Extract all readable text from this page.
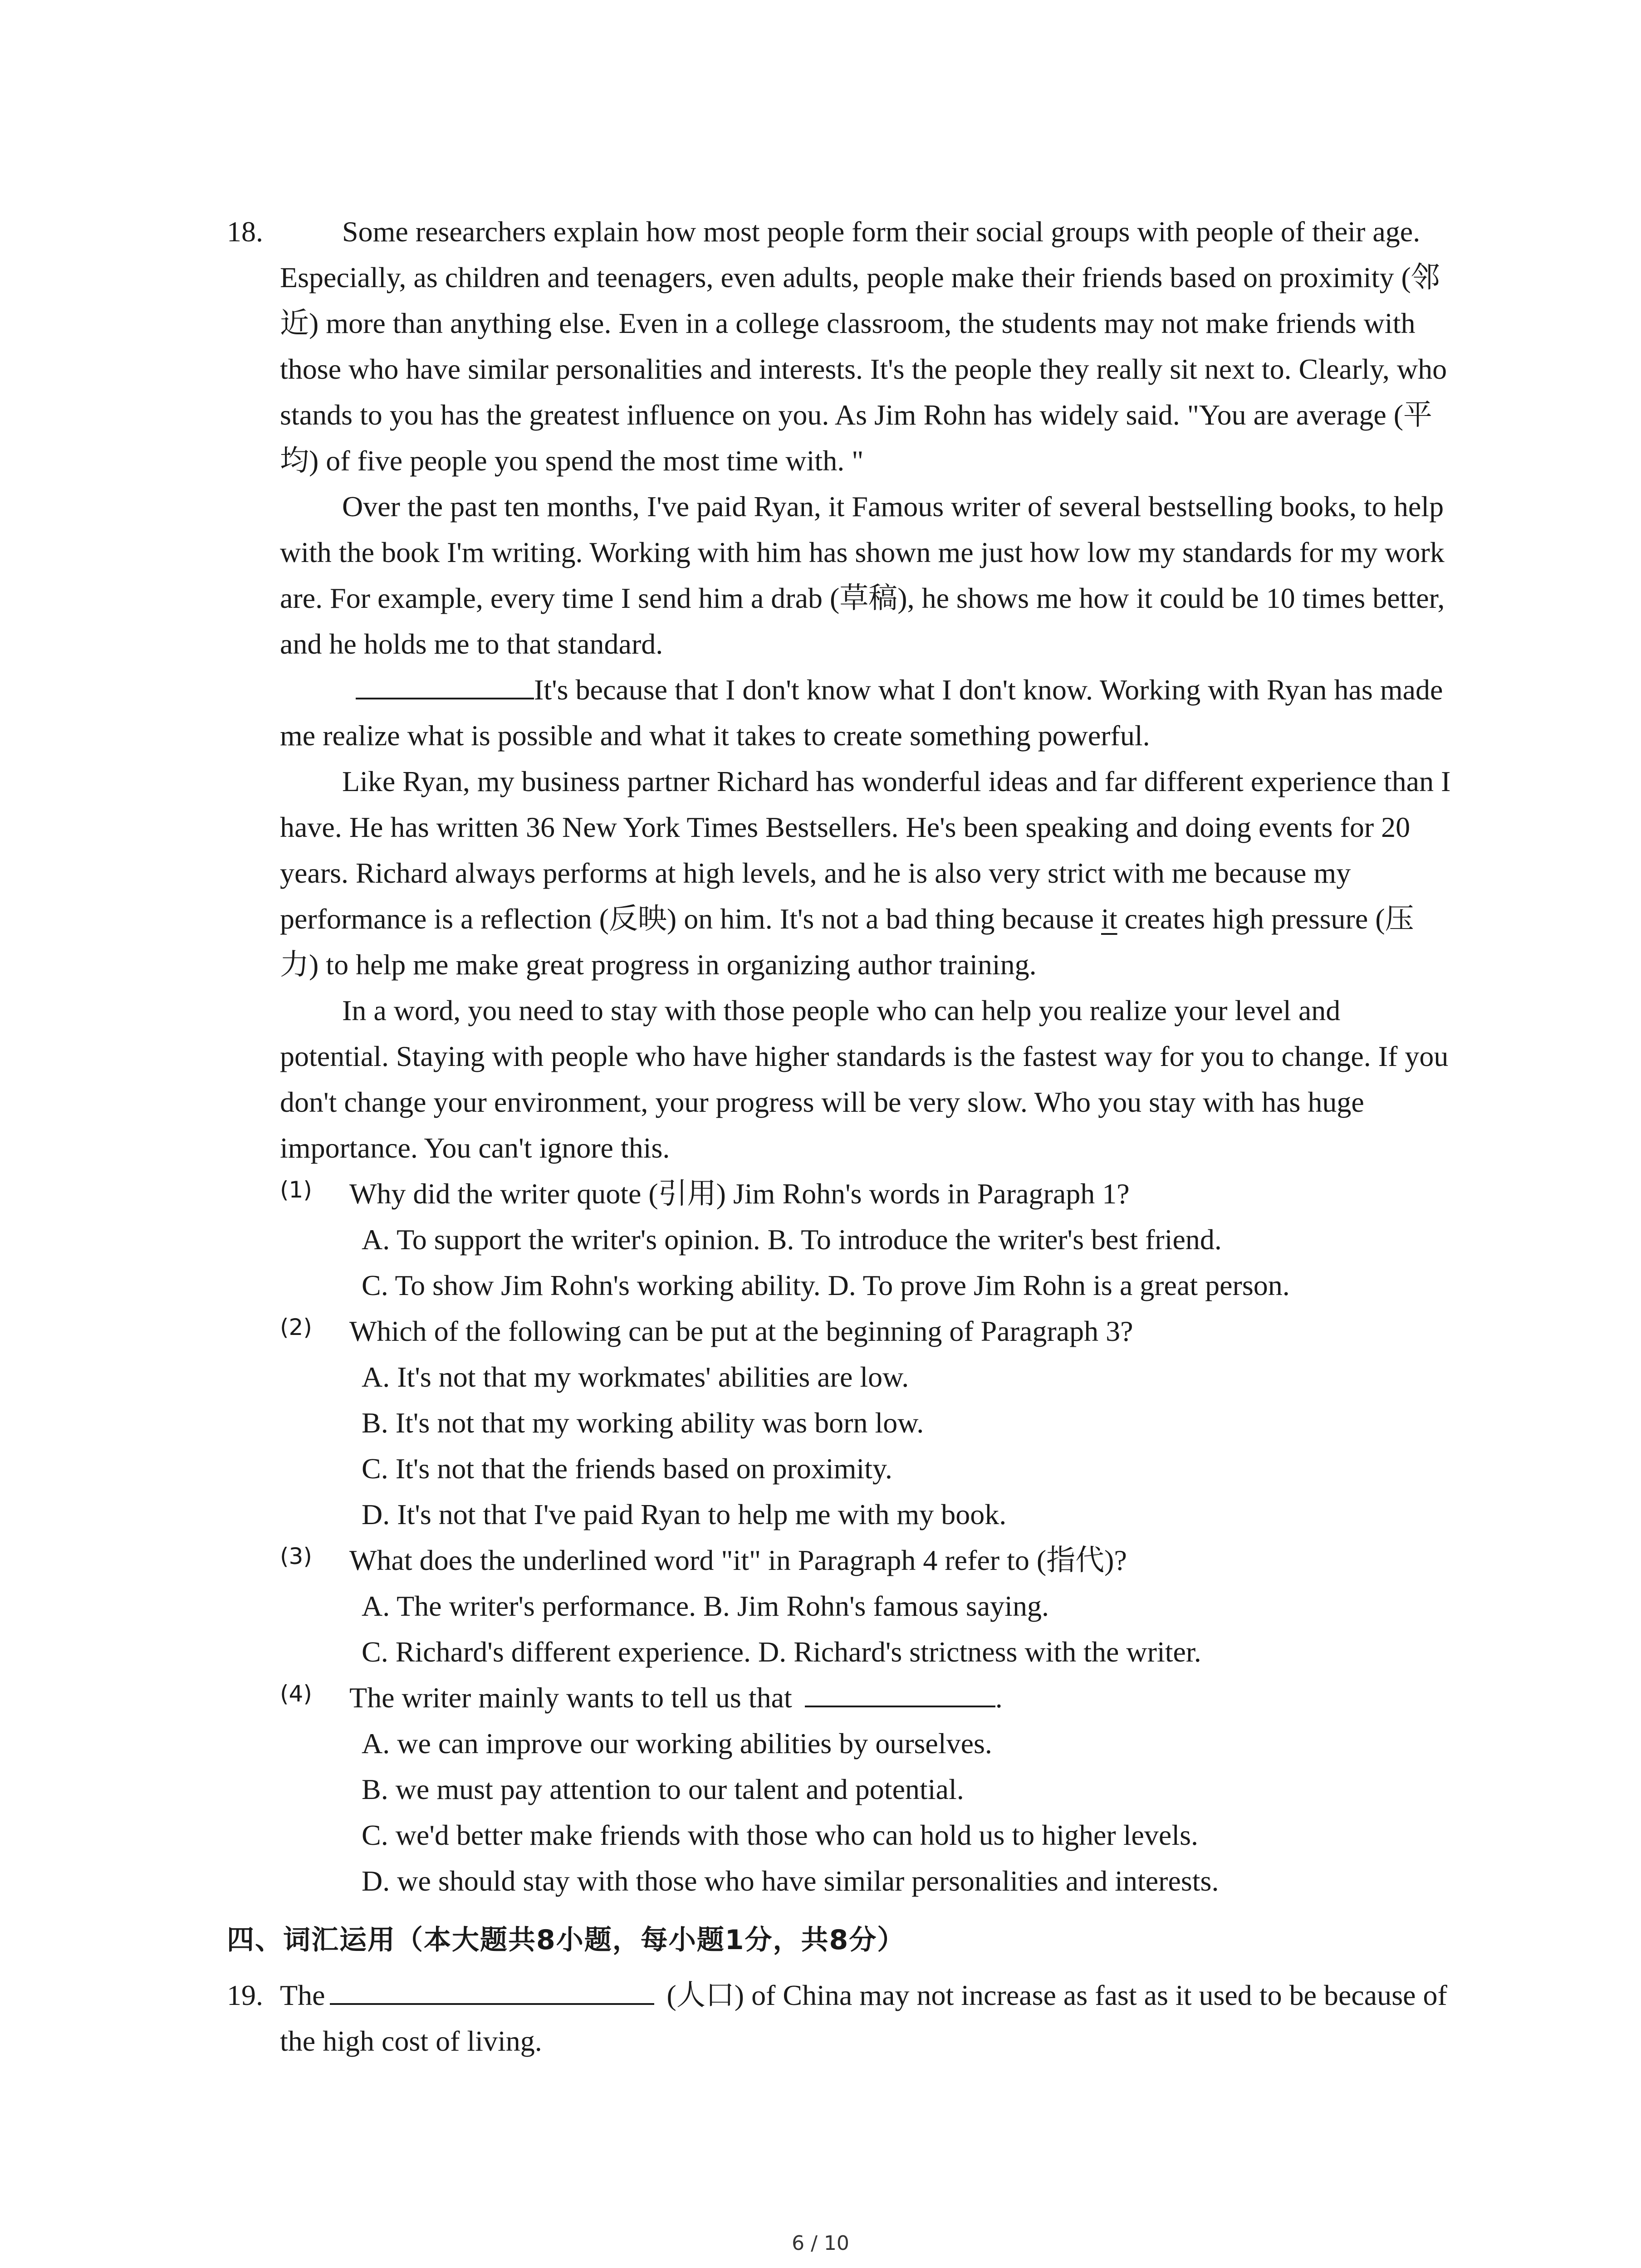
18.	Some researchers explain how most people form their social groups with people of their age. Especially, as children and teenagers, even adults, people make their friends based on proximity (邻近) more than anything else. Even in a college classroom, the students may not make friends with those who have similar personalities and interests. It's the people they really sit next to. Clearly, who stands to you has the greatest influence on you. As Jim Rohn has widely said. "You are average (平均) of five people you spend the most time with. "

Over the past ten months, I've paid Ryan, it Famous writer of several bestselling books, to help with the book I'm writing. Working with him has shown me just how low my standards for my work are. For example, every time I send him a drab (草稿), he shows me how it could be 10 times better, and he holds me to that standard.

It's because that I don't know what I don't know. Working with Ryan has made me realize what is possible and what it takes to create something powerful.

Like Ryan, my business partner Richard has wonderful ideas and far different experience than I have. He has written 36 New York Times Bestsellers. He's been speaking and doing events for 20 years. Richard always performs at high levels, and he is also very strict with me because my performance is a reflection (反映) on him. It's not a bad thing because it creates high pressure (压力) to help me make great progress in organizing author training.

In a word, you need to stay with those people who can help you realize your level and potential. Staying with people who have higher standards is the fastest way for you to change. If you don't change your environment, your progress will be very slow. Who you stay with has huge importance. You can't ignore this.

(1) Why did the writer quote (引用) Jim Rohn's words in Paragraph 1?

A. To support the writer's opinion. B. To introduce the writer's best friend.

C. To show Jim Rohn's working ability. D. To prove Jim Rohn is a great person.

(2) Which of the following can be put at the beginning of Paragraph 3?

A. It's not that my workmates' abilities are low.

B. It's not that my working ability was born low.

C. It's not that the friends based on proximity.

D. It's not that I've paid Ryan to help me with my book.

(3) What does the underlined word "it" in Paragraph 4 refer to (指代)?

A. The writer's performance. B. Jim Rohn's famous saying.

C. Richard's different experience. D. Richard's strictness with the writer.

(4) The writer mainly wants to tell us that	.

A. we can improve our working abilities by ourselves.

B. we must pay attention to our talent and potential.

C. we'd better make friends with those who can hold us to higher levels.

D. we should stay with those who have similar personalities and interests.

四、词汇运用（本大题共8小题，每小题1分，共8分）
19. The	(人口) of China may not increase as fast as it used to be because of the high cost of living.
6 / 10
